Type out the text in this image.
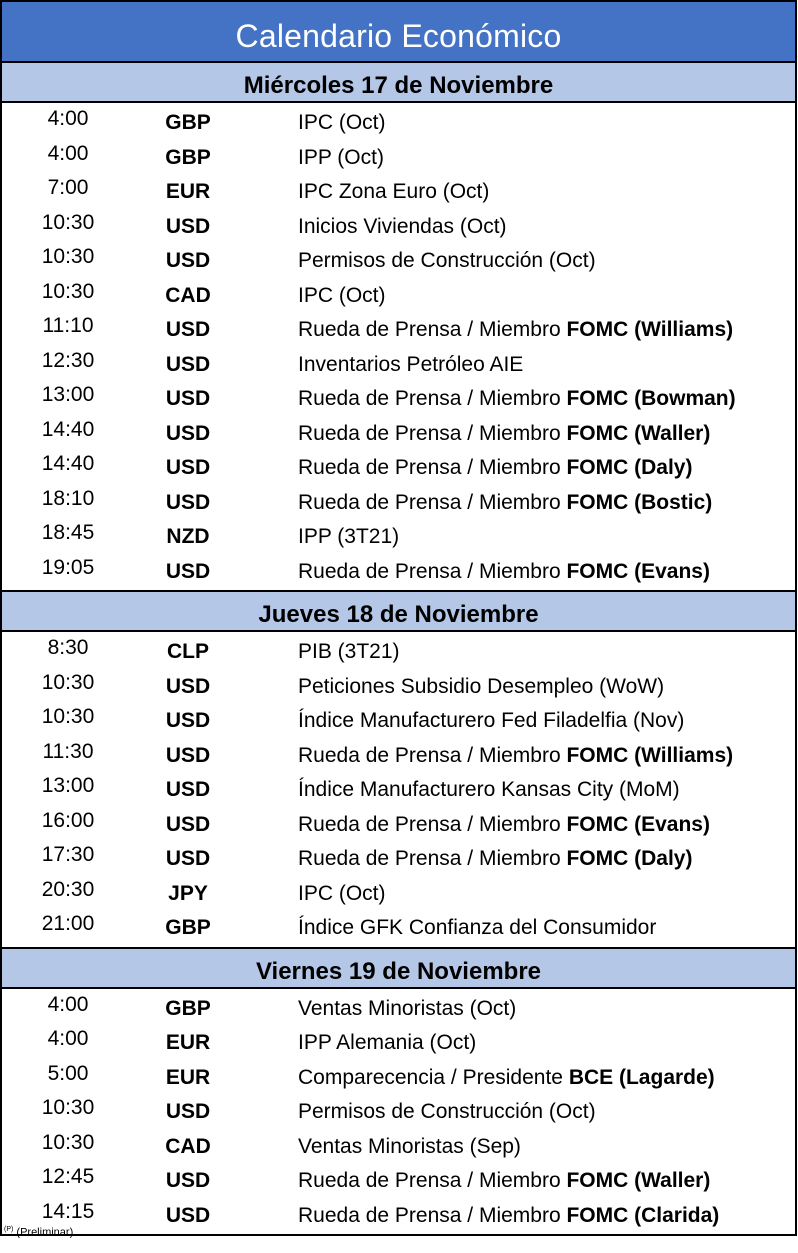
Calendario Económico
Miércoles 17 de Noviembre
4:00	GBP	IPC (Oct)
4:00	GBP	IPP (Oct)
7:00	EUR	IPC Zona Euro (Oct)
10:30	USD	Inicios Viviendas (Oct)
10:30	USD	Permisos de Construcción (Oct)
10:30	CAD	IPC (Oct)
11:10	USD	Rueda de Prensa / Miembro FOMC (Williams)
12:30	USD	Inventarios Petróleo AIE
13:00	USD	Rueda de Prensa / Miembro FOMC (Bowman)
14:40	USD	Rueda de Prensa / Miembro FOMC (Waller)
14:40	USD	Rueda de Prensa / Miembro FOMC (Daly)
18:10	USD	Rueda de Prensa / Miembro FOMC (Bostic)
18:45	NZD	IPP (3T21)
19:05	USD	Rueda de Prensa / Miembro FOMC (Evans)
Jueves 18 de Noviembre
8:30	CLP	PIB (3T21)
10:30	USD	Peticiones Subsidio Desempleo (WoW)
10:30	USD	Índice Manufacturero Fed Filadelfia (Nov)
11:30	USD	Rueda de Prensa / Miembro FOMC (Williams)
13:00	USD	Índice Manufacturero Kansas City (MoM)
16:00	USD	Rueda de Prensa / Miembro FOMC (Evans)
17:30	USD	Rueda de Prensa / Miembro FOMC (Daly)
20:30	JPY	IPC (Oct)
21:00	GBP	Índice GFK Confianza del Consumidor
Viernes 19 de Noviembre
4:00	GBP	Ventas Minoristas (Oct)
4:00	EUR	IPP Alemania (Oct)
5:00	EUR	Comparecencia / Presidente BCE (Lagarde)
10:30	USD	Permisos de Construcción (Oct)
10:30	CAD	Ventas Minoristas (Sep)
12:45	USD	Rueda de Prensa / Miembro FOMC (Waller)
14:15	USD	Rueda de Prensa / Miembro FOMC (Clarida)
$^{(P)}$ (Preliminar)
